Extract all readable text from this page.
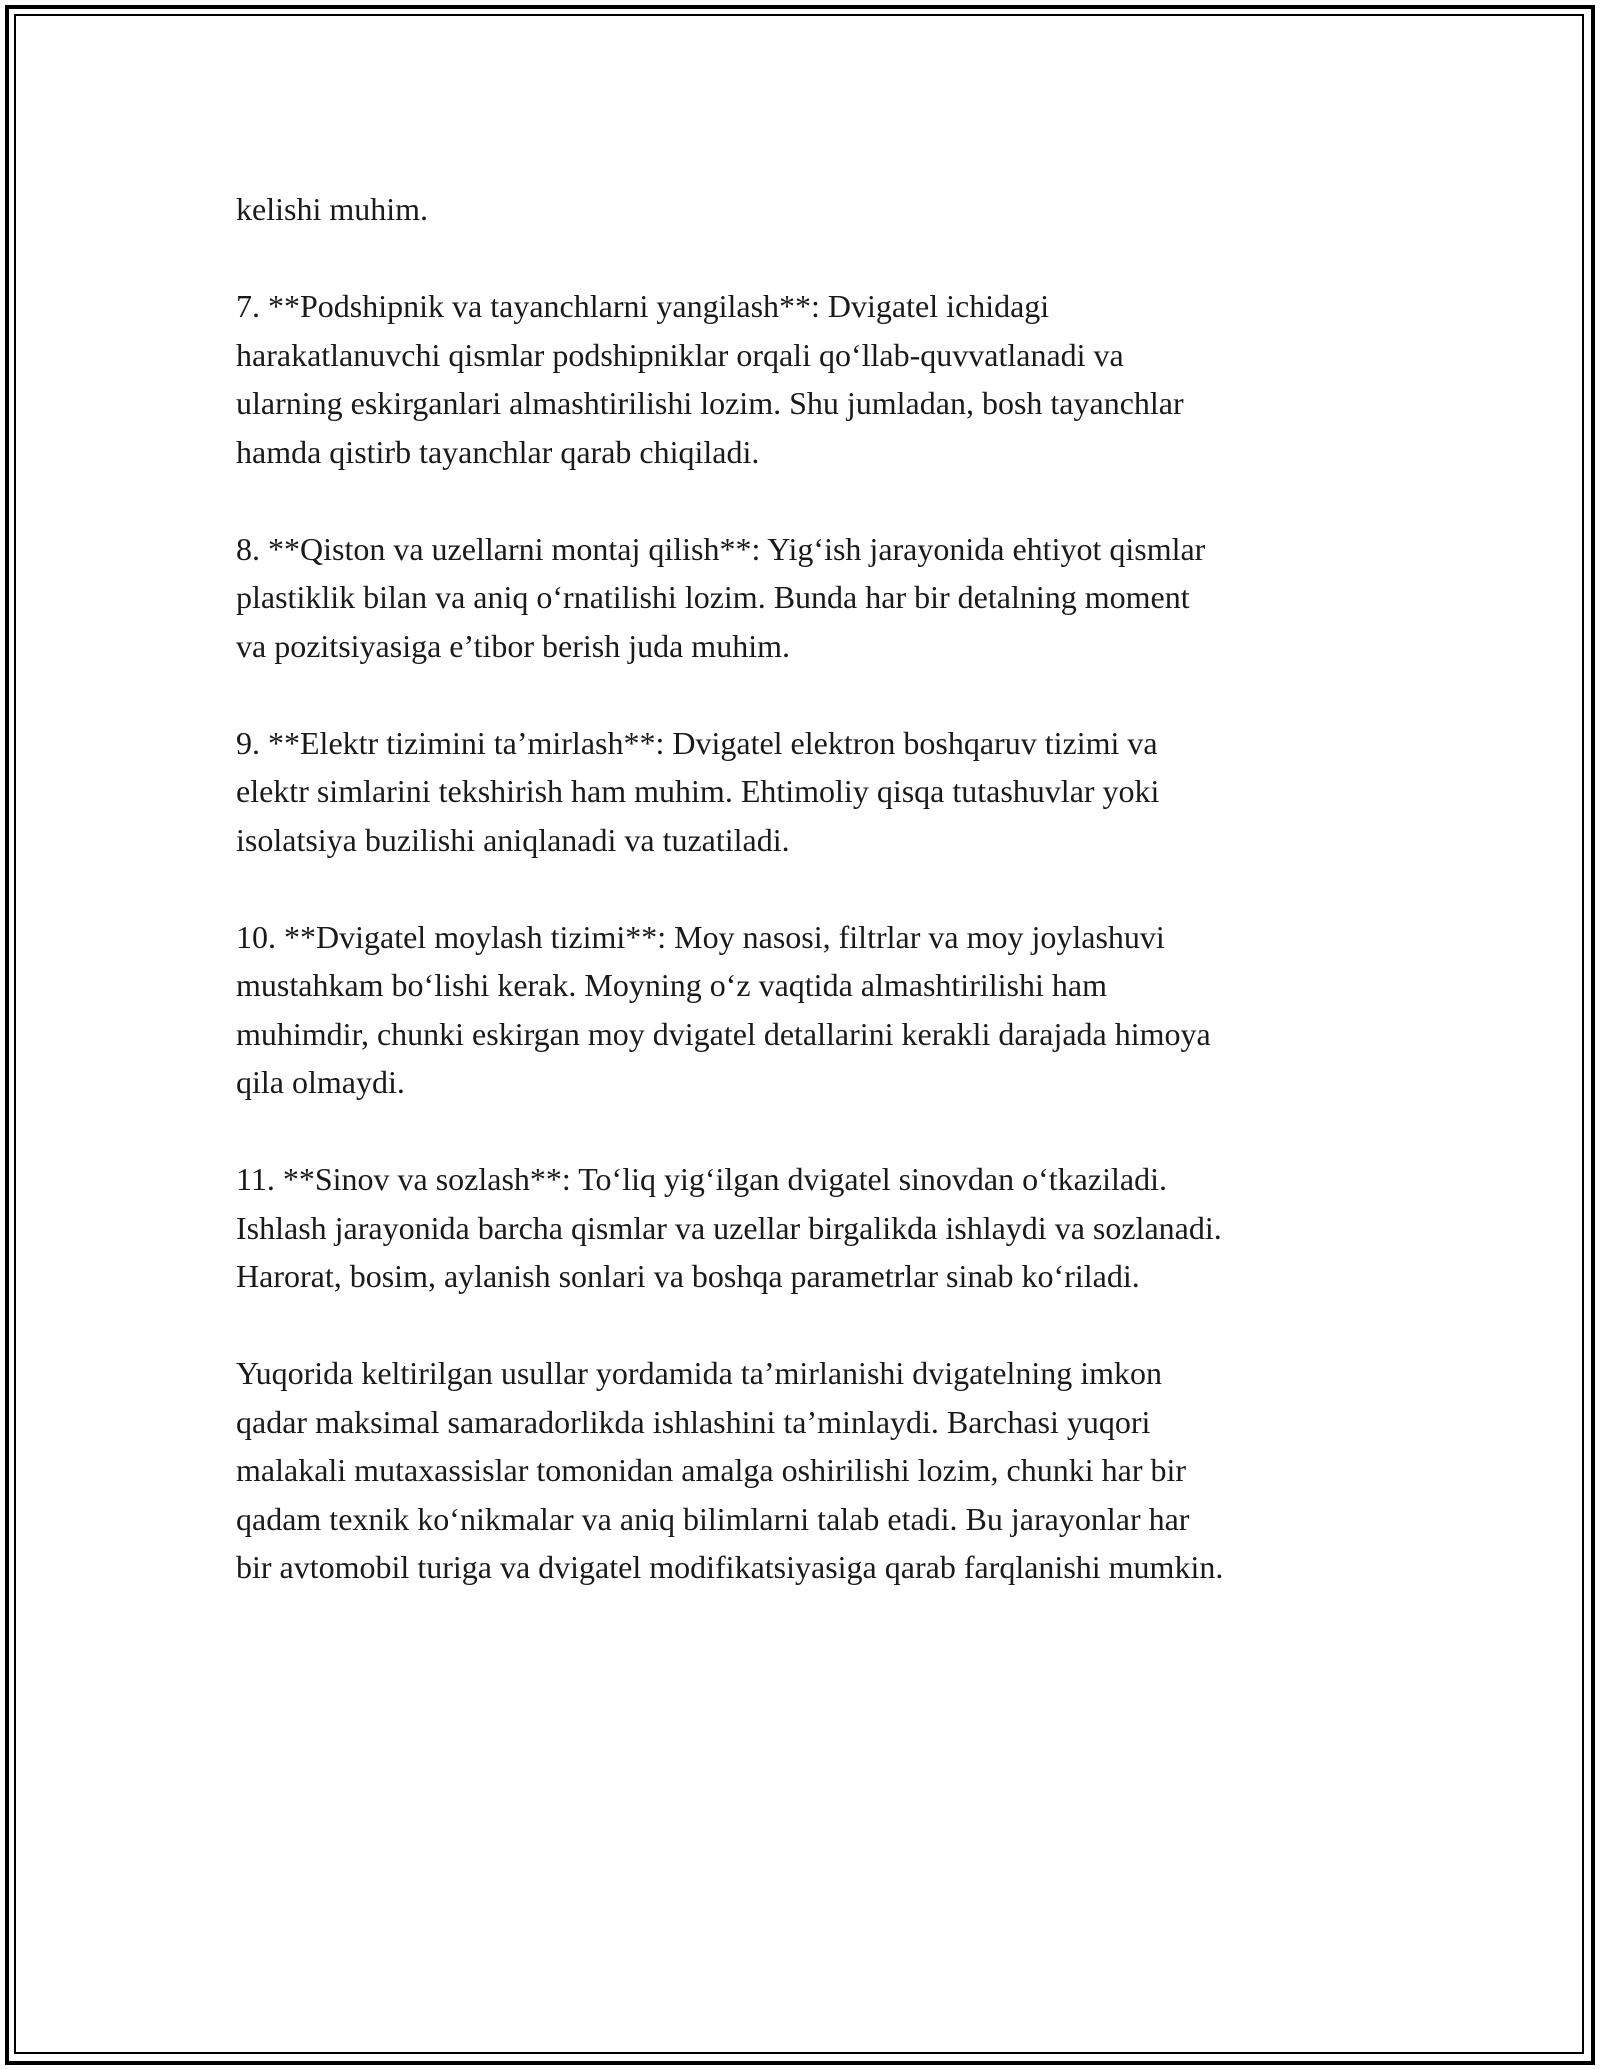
kelishi muhim.

7. **Podshipnik va tayanchlarni yangilash**: Dvigatel ichidagi
harakatlanuvchi qismlar podshipniklar orqali qo‘llab-quvvatlanadi va
ularning eskirganlari almashtirilishi lozim. Shu jumladan, bosh tayanchlar
hamda qistirb tayanchlar qarab chiqiladi.

8. **Qiston va uzellarni montaj qilish**: Yig‘ish jarayonida ehtiyot qismlar
plastiklik bilan va aniq o‘rnatilishi lozim. Bunda har bir detalning moment
va pozitsiyasiga e’tibor berish juda muhim.

9. **Elektr tizimini ta’mirlash**: Dvigatel elektron boshqaruv tizimi va
elektr simlarini tekshirish ham muhim. Ehtimoliy qisqa tutashuvlar yoki
isolatsiya buzilishi aniqlanadi va tuzatiladi.

10. **Dvigatel moylash tizimi**: Moy nasosi, filtrlar va moy joylashuvi
mustahkam bo‘lishi kerak. Moyning o‘z vaqtida almashtirilishi ham
muhimdir, chunki eskirgan moy dvigatel detallarini kerakli darajada himoya
qila olmaydi.

11. **Sinov va sozlash**: To‘liq yig‘ilgan dvigatel sinovdan o‘tkaziladi.
Ishlash jarayonida barcha qismlar va uzellar birgalikda ishlaydi va sozlanadi.
Harorat, bosim, aylanish sonlari va boshqa parametrlar sinab ko‘riladi.

Yuqorida keltirilgan usullar yordamida ta’mirlanishi dvigatelning imkon
qadar maksimal samaradorlikda ishlashini ta’minlaydi. Barchasi yuqori
malakali mutaxassislar tomonidan amalga oshirilishi lozim, chunki har bir
qadam texnik ko‘nikmalar va aniq bilimlarni talab etadi. Bu jarayonlar har
bir avtomobil turiga va dvigatel modifikatsiyasiga qarab farqlanishi mumkin.
